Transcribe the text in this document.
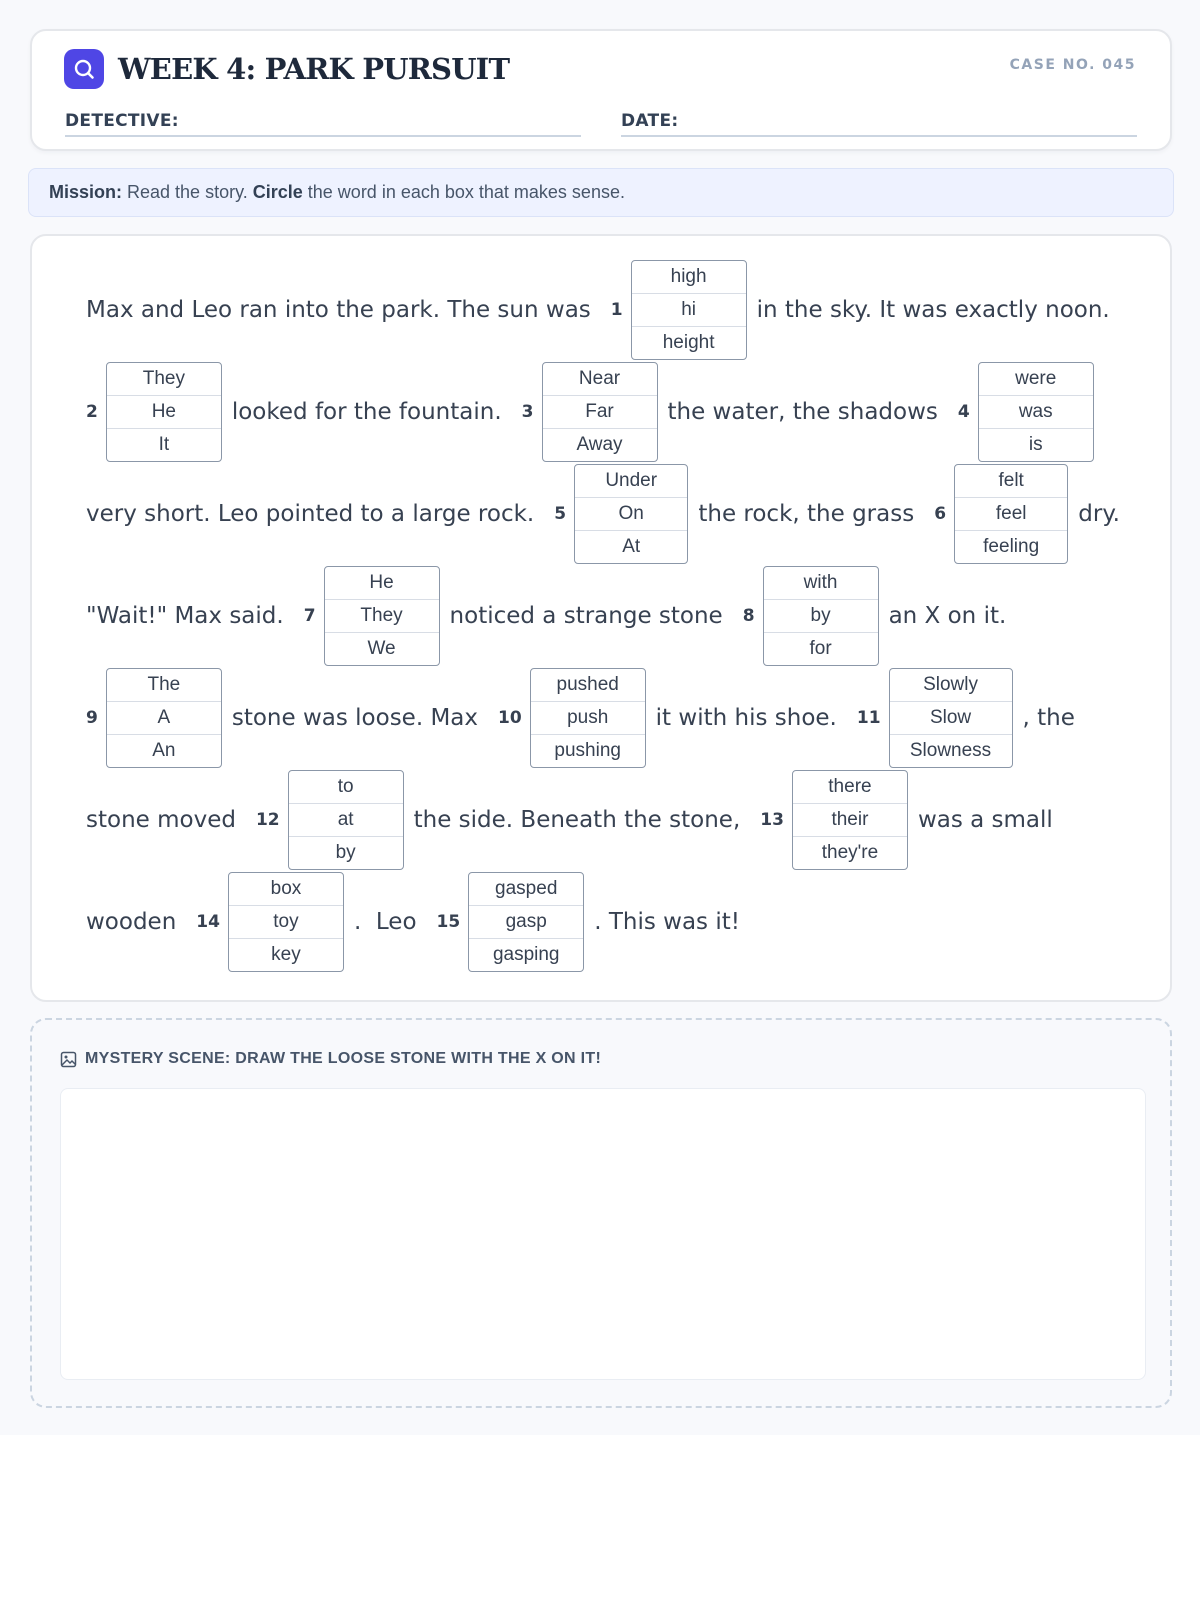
WEEK 4: PARK PURSUIT	CASE NO. 045
DETECTIVE:	DATE:
Mission: Read the story. Circle the word in each box that makes sense.
Max and Leo ran into the park. The sun was 1
high
hi
height
in the sky. It was exactly noon.
2
They
He
It
looked for the fountain. 3
Near
Far
Away
the water, the shadows 4
were
was
is
very short. Leo pointed to a large rock. 5
Under
On
At
the rock, the grass 6
felt
feel
feeling
dry.
"Wait!" Max said. 7
He
They
We
noticed a strange stone 8
with
by
for
an X on it.
9
The
A
An
stone was loose. Max 10
pushed
push
pushing
it with his shoe. 11
Slowly
Slow
Slowness
, the
stone moved 12
to
at
by
the side. Beneath the stone, 13
there
their
they're
was a small
wooden 14
box
toy
key
.  Leo 15
gasped
gasp
gasping
. This was it!
MYSTERY SCENE: DRAW THE LOOSE STONE WITH THE X ON IT!
